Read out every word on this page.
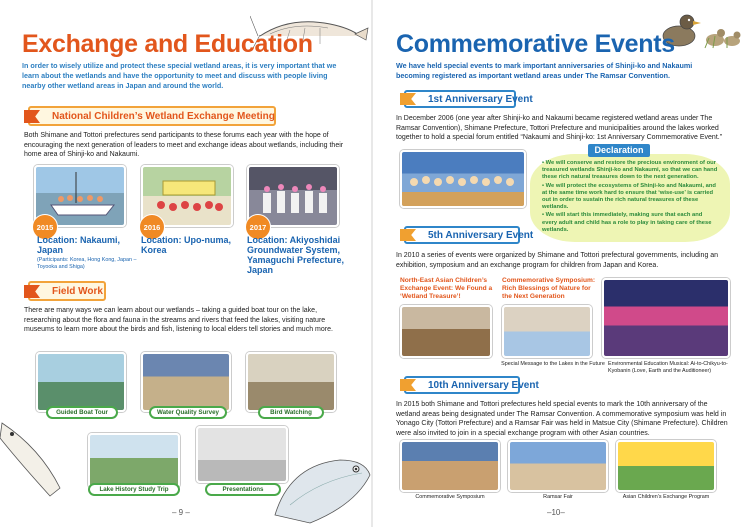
Exchange and Education
In order to wisely utilize and protect these special wetland areas, it is very important that we learn about the wetlands and have the opportunity to meet and discuss with people living nearby other wetland areas in Japan and around the world.
National Children’s Wetland Exchange Meeting
Both Shimane and Tottori prefectures send participants to these forums each year with the hope of encouraging the next generation of leaders to meet and exchange ideas about wetlands, including their home area of Shinji-ko and Nakaumi.
2015	2016	2017
Location: Nakaumi, Japan
(Participants: Korea, Hong Kong, Japan – Toyooka and Shiga)
Location: Upo-numa, Korea
Location: Akiyoshidai Groundwater System, Yamaguchi Prefecture, Japan
Field Work
There are many ways we can learn about our wetlands – taking a guided boat tour on the lake, researching about the flora and fauna in the streams and rivers that feed the lakes, visiting nature museums to learn more about the birds and fish, listening to local elders tell stories and much more.
Guided Boat Tour	Water Quality Survey	Bird Watching
Lake History Study Trip	Presentations
– 9 –
Commemorative Events
We have held special events to mark important anniversaries of Shinji-ko and Nakaumi becoming registered as important wetland areas under The Ramsar Convention.
1st Anniversary Event
In December 2006 (one year after Shinji-ko and Nakaumi became registered wetland areas under The Ramsar Convention), Shimane Prefecture, Tottori Prefecture and municipalities around the lakes worked together to hold a special forum entitled “Nakaumi and Shinji-ko: 1st Anniversary Commemorative Event.”
• We will conserve and restore the precious environment of our treasured wetlands Shinji-ko and Nakaumi, so that we can hand these rich natural treasures down to the next generation.
• We will protect the ecosystems of Shinji-ko and Nakaumi, and at the same time work hard to ensure that ‘wise-use’ is carried out in order to sustain the rich natural treasures of these wetlands.
• We will start this immediately, making sure that each and every adult and child has a role to play in taking care of these wetlands.
Declaration
5th Anniversary Event
In 2010 a series of events were organized by Shimane and Tottori prefectural governments, including an exhibition, symposium and an exchange program for children from Japan and Korea.
North-East Asian Children’s Exchange Event: We Found a ‘Wetland Treasure’!
Commemorative Symposium: Rich Blessings of Nature for the Next Generation
Special Message to the Lakes in the Future Environmental Education Musical: Ai-to-Chikyu-to-Kyobanin (Love, Earth and the Auditioneer)
10th Anniversary Event
In 2015 both Shimane and Tottori prefectures held special events to mark the 10th anniversary of the wetland areas being designated under The Ramsar Convention. A commemorative symposium was held in Yonago City (Tottori Prefecture) and a Ramsar Fair was held in Matsue City (Shimane Prefecture). Children were also invited to join in a special exchange program with other Asian countries.
Commemorative Symposium	Ramsar Fair	Asian Children’s Exchange Program
–10–
